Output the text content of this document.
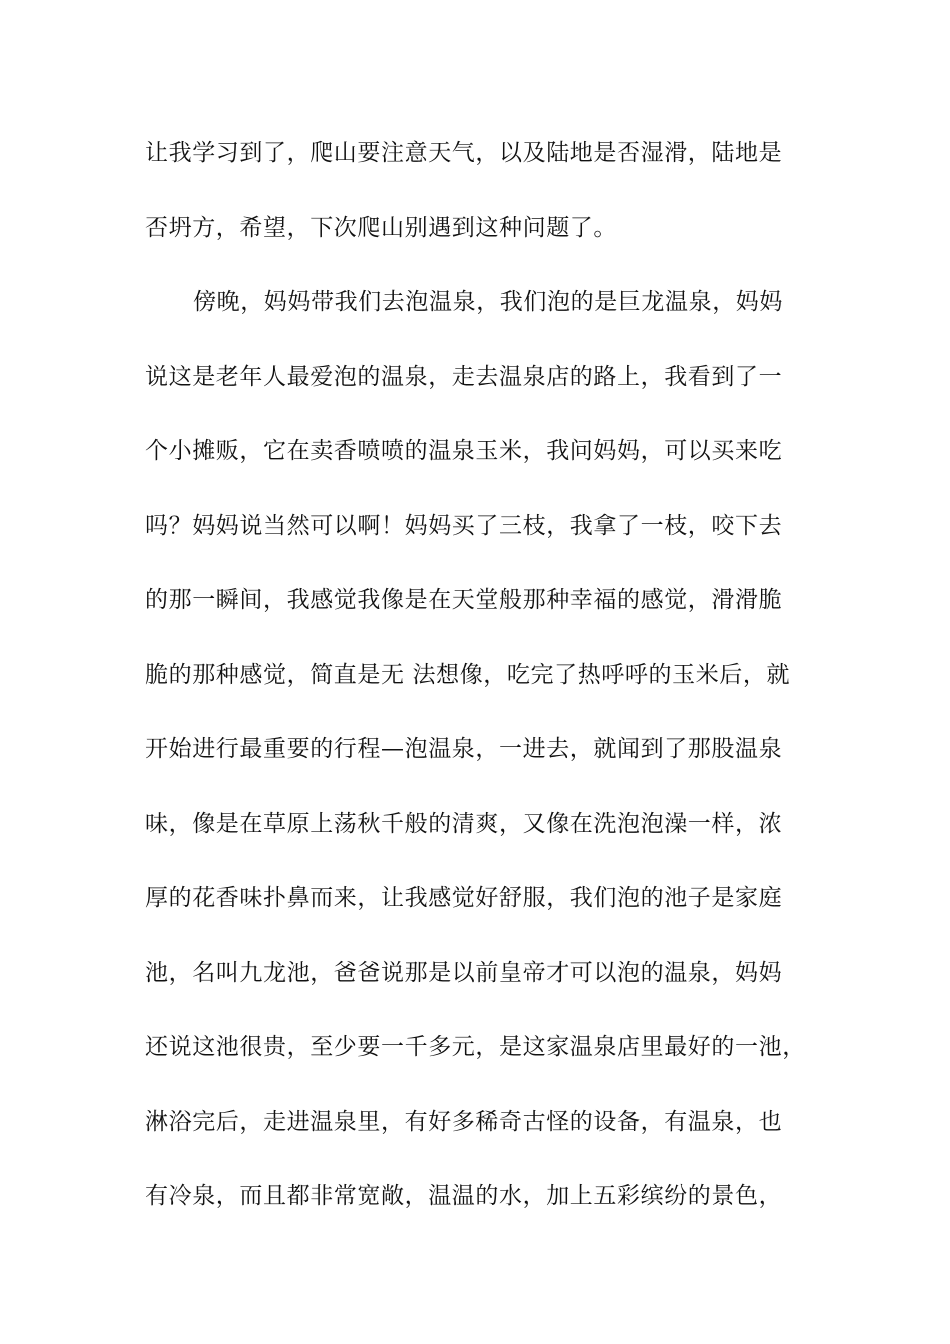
让我学习到了，爬山要注意天气，以及陆地是否湿滑，陆地是
否坍方，希望，下次爬山别遇到这种问题了。
傍晚，妈妈带我们去泡温泉，我们泡的是巨龙温泉，妈妈
说这是老年人最爱泡的温泉，走去温泉店的路上，我看到了一
个小摊贩，它在卖香喷喷的温泉玉米，我问妈妈，可以买来吃
吗？妈妈说当然可以啊！妈妈买了三枝，我拿了一枝，咬下去
的那一瞬间，我感觉我像是在天堂般那种幸福的感觉，滑滑脆
脆的那种感觉，简直是无 法想像，吃完了热呼呼的玉米后，就
开始进行最重要的行程—泡温泉，一进去，就闻到了那股温泉
味，像是在草原上荡秋千般的清爽，又像在洗泡泡澡一样，浓
厚的花香味扑鼻而来，让我感觉好舒服，我们泡的池子是家庭
池，名叫九龙池，爸爸说那是以前皇帝才可以泡的温泉，妈妈
还说这池很贵，至少要一千多元，是这家温泉店里最好的一池，
淋浴完后，走进温泉里，有好多稀奇古怪的设备，有温泉，也
有冷泉，而且都非常宽敞，温温的水，加上五彩缤纷的景色，
